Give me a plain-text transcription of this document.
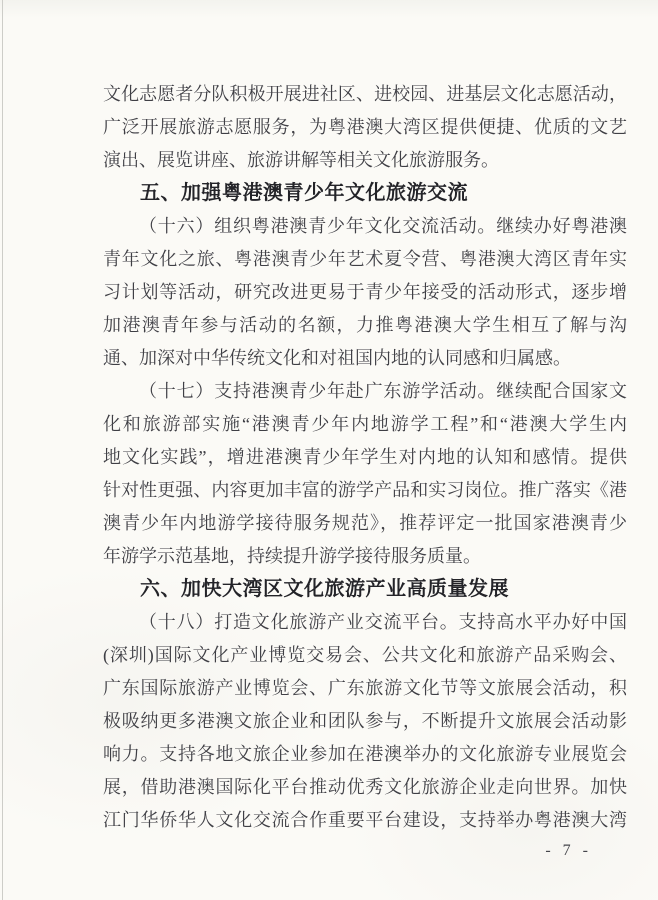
文化志愿者分队积极开展进社区、进校园、进基层文化志愿活动，
广泛开展旅游志愿服务，为粤港澳大湾区提供便捷、优质的文艺
演出、展览讲座、旅游讲解等相关文化旅游服务。
五、加强粤港澳青少年文化旅游交流
（十六）组织粤港澳青少年文化交流活动。继续办好粤港澳
青年文化之旅、粤港澳青少年艺术夏令营、粤港澳大湾区青年实
习计划等活动，研究改进更易于青少年接受的活动形式，逐步增
加港澳青年参与活动的名额，力推粤港澳大学生相互了解与沟
通、加深对中华传统文化和对祖国内地的认同感和归属感。
（十七）支持港澳青少年赴广东游学活动。继续配合国家文
化和旅游部实施“港澳青少年内地游学工程”和“港澳大学生内
地文化实践”，增进港澳青少年学生对内地的认知和感情。提供
针对性更强、内容更加丰富的游学产品和实习岗位。推广落实《港
澳青少年内地游学接待服务规范》，推荐评定一批国家港澳青少
年游学示范基地，持续提升游学接待服务质量。
六、加快大湾区文化旅游产业高质量发展
（十八）打造文化旅游产业交流平台。支持高水平办好中国
(深圳)国际文化产业博览交易会、公共文化和旅游产品采购会、
广东国际旅游产业博览会、广东旅游文化节等文旅展会活动，积
极吸纳更多港澳文旅企业和团队参与，不断提升文旅展会活动影
响力。支持各地文旅企业参加在港澳举办的文化旅游专业展览会
展，借助港澳国际化平台推动优秀文化旅游企业走向世界。加快
江门华侨华人文化交流合作重要平台建设，支持举办粤港澳大湾
- 7 -
